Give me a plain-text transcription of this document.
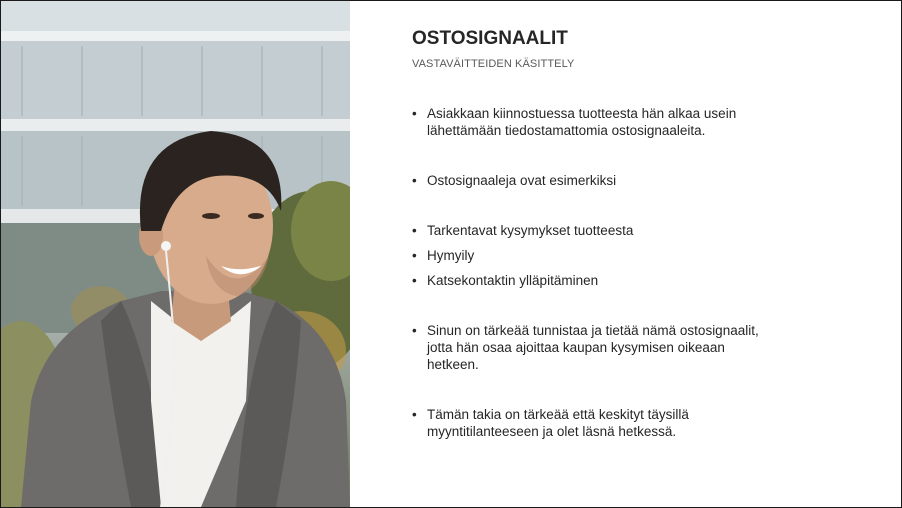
OSTOSIGNAALIT
VASTAVÄITTEIDEN KÄSITTELY
• Asiakkaan kiinnostuessa tuotteesta hän alkaa usein lähettämään tiedostamattomia ostosignaaleita.
• Ostosignaaleja ovat esimerkiksi
• Tarkentavat kysymykset tuotteesta
• Hymyily
• Katsekontaktin ylläpitäminen
• Sinun on tärkeää tunnistaa ja tietää nämä ostosignaalit, jotta hän osaa ajoittaa kaupan kysymisen oikeaan hetkeen.
• Tämän takia on tärkeää että keskityt täysillä myyntitilanteeseen ja olet läsnä hetkessä.
